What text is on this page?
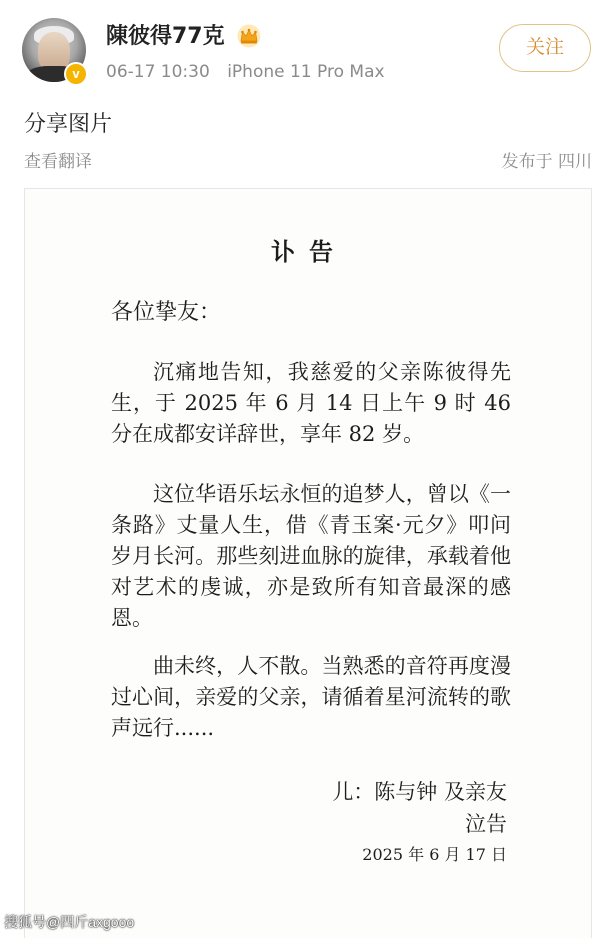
v
陳彼得77克
06-17 10:30 iPhone 11 Pro Max
关注
分享图片
查看翻译	发布于 四川
讣告
各位挚友：
沉痛地告知，我慈爱的父亲陈彼得先生，于 2025 年 6 月 14 日上午 9 时 46 分在成都安详辞世，享年 82 岁。
这位华语乐坛永恒的追梦人，曾以《一条路》丈量人生，借《青玉案·元夕》叩问岁月长河。那些刻进血脉的旋律，承载着他对艺术的虔诚，亦是致所有知音最深的感恩。
曲未终，人不散。当熟悉的音符再度漫过心间，亲爱的父亲，请循着星河流转的歌声远行......
儿：陈与钟 及亲友
泣告
2025 年 6 月 17 日
搜狐号@四斤axgooo
